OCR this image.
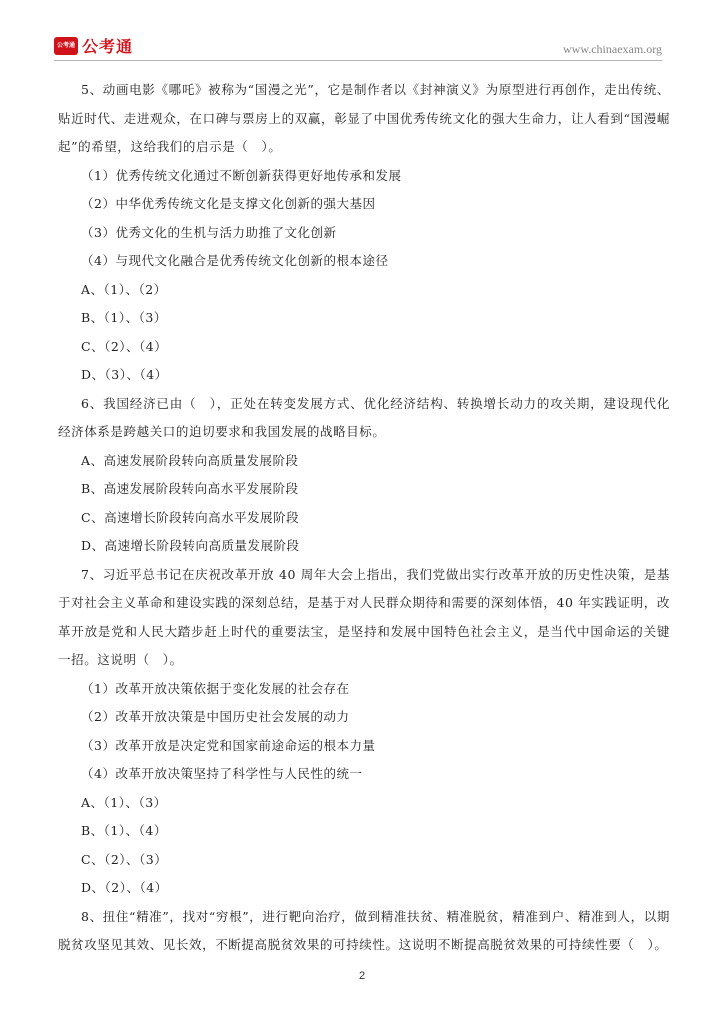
公考通 公考通	www.chinaexam.org

5、动画电影《哪吒》被称为“国漫之光”，它是制作者以《封神演义》为原型进行再创作，走出传统、贴近时代、走进观众，在口碑与票房上的双赢，彰显了中国优秀传统文化的强大生命力，让人看到“国漫崛起”的希望，这给我们的启示是（　）。

（1）优秀传统文化通过不断创新获得更好地传承和发展

（2）中华优秀传统文化是支撑文化创新的强大基因

（3）优秀文化的生机与活力助推了文化创新

（4）与现代文化融合是优秀传统文化创新的根本途径

A、（1）、（2）

B、（1）、（3）

C、（2）、（4）

D、（3）、（4）

6、我国经济已由（　），正处在转变发展方式、优化经济结构、转换增长动力的攻关期，建设现代化经济体系是跨越关口的迫切要求和我国发展的战略目标。

A、高速发展阶段转向高质量发展阶段

B、高速发展阶段转向高水平发展阶段

C、高速增长阶段转向高水平发展阶段

D、高速增长阶段转向高质量发展阶段

7、习近平总书记在庆祝改革开放 40 周年大会上指出，我们党做出实行改革开放的历史性决策，是基于对社会主义革命和建设实践的深刻总结，是基于对人民群众期待和需要的深刻体悟，40 年实践证明，改革开放是党和人民大踏步赶上时代的重要法宝，是坚持和发展中国特色社会主义，是当代中国命运的关键一招。这说明（　）。

（1）改革开放决策依据于变化发展的社会存在

（2）改革开放决策是中国历史社会发展的动力

（3）改革开放是决定党和国家前途命运的根本力量

（4）改革开放决策坚持了科学性与人民性的统一

A、（1）、（3）

B、（1）、（4）

C、（2）、（3）

D、（2）、（4）

8、扭住“精准”，找对“穷根”，进行靶向治疗，做到精准扶贫、精准脱贫，精准到户、精准到人，以期脱贫攻坚见其效、见长效，不断提高脱贫效果的可持续性。这说明不断提高脱贫效果的可持续性要（　）。

2
